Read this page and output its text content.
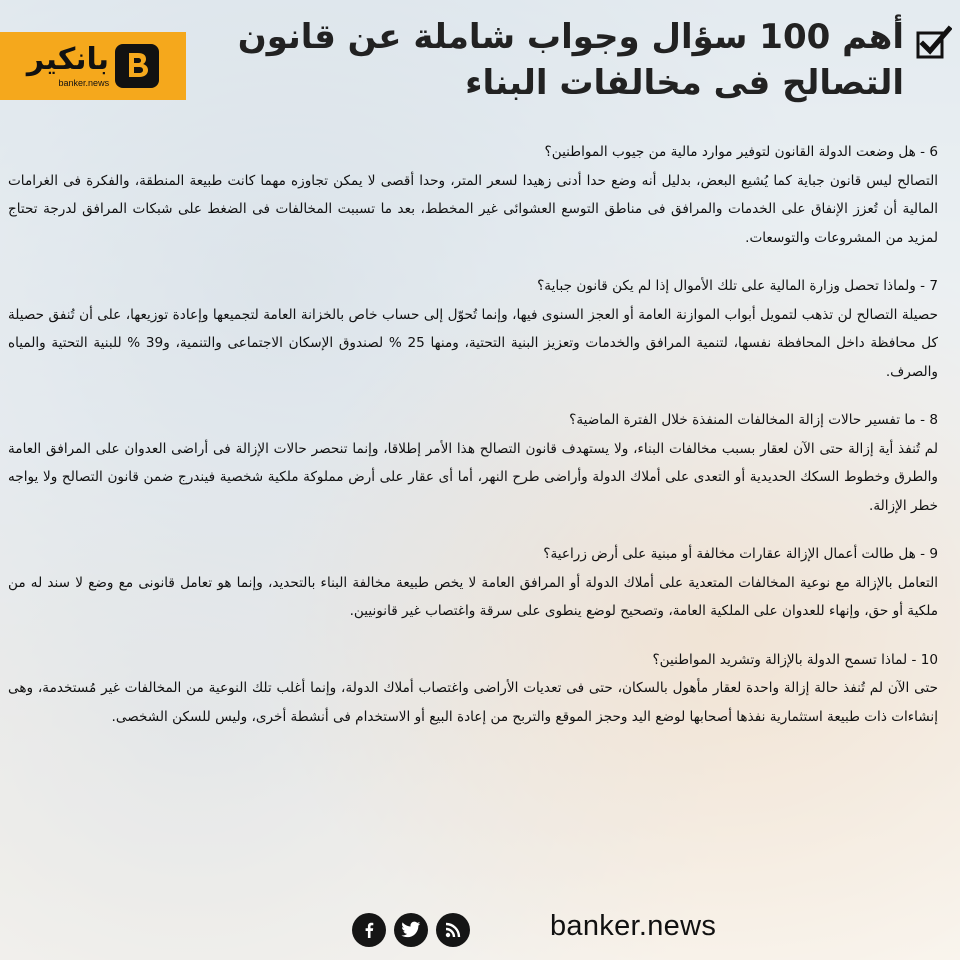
بانكير
banker.news
أهم 100 سؤال وجواب شاملة عن قانون التصالح فى مخالفات البناء
6 - هل وضعت الدولة القانون لتوفير موارد مالية من جيوب المواطنين؟
التصالح ليس قانون جباية كما يُشيع البعض، بدليل أنه وضع حدا أدنى زهيدا لسعر المتر، وحدا أقصى لا يمكن تجاوزه مهما كانت طبيعة المنطقة، والفكرة فى الغرامات المالية أن تُعزز الإنفاق على الخدمات والمرافق فى مناطق التوسع العشوائى غير المخطط، بعد ما تسببت المخالفات فى الضغط على شبكات المرافق لدرجة تحتاج لمزيد من المشروعات والتوسعات.
7 - ولماذا تحصل وزارة المالية على تلك الأموال إذا لم يكن قانون جباية؟
حصيلة التصالح لن تذهب لتمويل أبواب الموازنة العامة أو العجز السنوى فيها، وإنما تُحوّل إلى حساب خاص بالخزانة العامة لتجميعها وإعادة توزيعها، على أن تُنفق حصيلة كل محافظة داخل المحافظة نفسها، لتنمية المرافق والخدمات وتعزيز البنية التحتية، ومنها 25 % لصندوق الإسكان الاجتماعى والتنمية، و39 % للبنية التحتية والمياه والصرف.
8 - ما تفسير حالات إزالة المخالفات المنفذة خلال الفترة الماضية؟
لم تُنفذ أية إزالة حتى الآن لعقار بسبب مخالفات البناء، ولا يستهدف قانون التصالح هذا الأمر إطلاقا، وإنما تنحصر حالات الإزالة فى أراضى العدوان على المرافق العامة والطرق وخطوط السكك الحديدية أو التعدى على أملاك الدولة وأراضى طرح النهر، أما أى عقار على أرض مملوكة ملكية شخصية فيندرج ضمن قانون التصالح ولا يواجه خطر الإزالة.
9 - هل طالت أعمال الإزالة عقارات مخالفة أو مبنية على أرض زراعية؟
التعامل بالإزالة مع نوعية المخالفات المتعدية على أملاك الدولة أو المرافق العامة لا يخص طبيعة مخالفة البناء بالتحديد، وإنما هو تعامل قانونى مع وضع لا سند له من ملكية أو حق، وإنهاء للعدوان على الملكية العامة، وتصحيح لوضع ينطوى على سرقة واغتصاب غير قانونيين.
10 - لماذا تسمح الدولة بالإزالة وتشريد المواطنين؟
حتى الآن لم تُنفذ حالة إزالة واحدة لعقار مأهول بالسكان، حتى فى تعديات الأراضى واغتصاب أملاك الدولة، وإنما أغلب تلك النوعية من المخالفات غير مُستخدمة، وهى إنشاءات ذات طبيعة استثمارية نفذها أصحابها لوضع اليد وحجز الموقع والتربح من إعادة البيع أو الاستخدام فى أنشطة أخرى، وليس للسكن الشخصى.
banker.news
